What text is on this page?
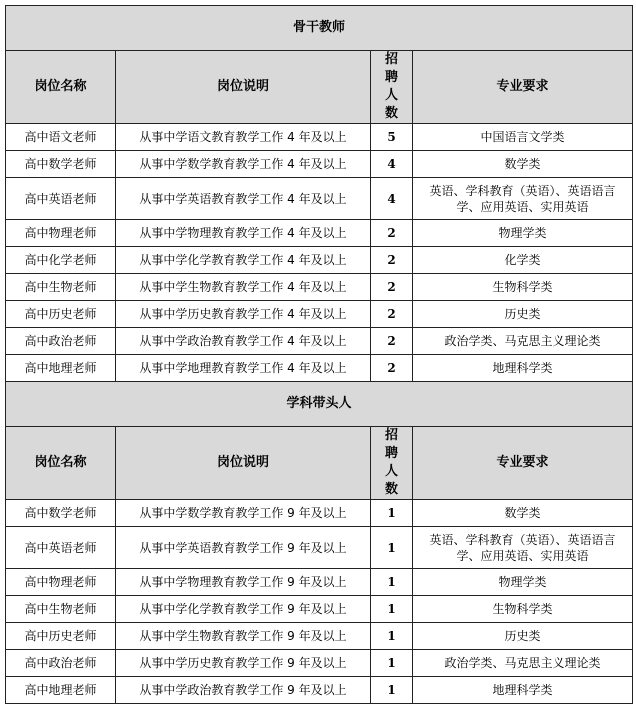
骨干教师			
岗位名称	岗位说明	招聘人数	专业要求
高中语文老师	从事中学语文教育教学工作 4 年及以上	5	中国语言文学类
高中数学老师	从事中学数学教育教学工作 4 年及以上	4	数学类
高中英语老师	从事中学英语教育教学工作 4 年及以上	4	英语、学科教育（英语）、英语语言学、应用英语、实用英语
高中物理老师	从事中学物理教育教学工作 4 年及以上	2	物理学类
高中化学老师	从事中学化学教育教学工作 4 年及以上	2	化学类
高中生物老师	从事中学生物教育教学工作 4 年及以上	2	生物科学类
高中历史老师	从事中学历史教育教学工作 4 年及以上	2	历史类
高中政治老师	从事中学政治教育教学工作 4 年及以上	2	政治学类、马克思主义理论类
高中地理老师	从事中学地理教育教学工作 4 年及以上	2	地理科学类
学科带头人			
岗位名称	岗位说明	招聘人数	专业要求
高中数学老师	从事中学数学教育教学工作 9 年及以上	1	数学类
高中英语老师	从事中学英语教育教学工作 9 年及以上	1	英语、学科教育（英语）、英语语言学、应用英语、实用英语
高中物理老师	从事中学物理教育教学工作 9 年及以上	1	物理学类
高中生物老师	从事中学化学教育教学工作 9 年及以上	1	生物科学类
高中历史老师	从事中学生物教育教学工作 9 年及以上	1	历史类
高中政治老师	从事中学历史教育教学工作 9 年及以上	1	政治学类、马克思主义理论类
高中地理老师	从事中学政治教育教学工作 9 年及以上	1	地理科学类
